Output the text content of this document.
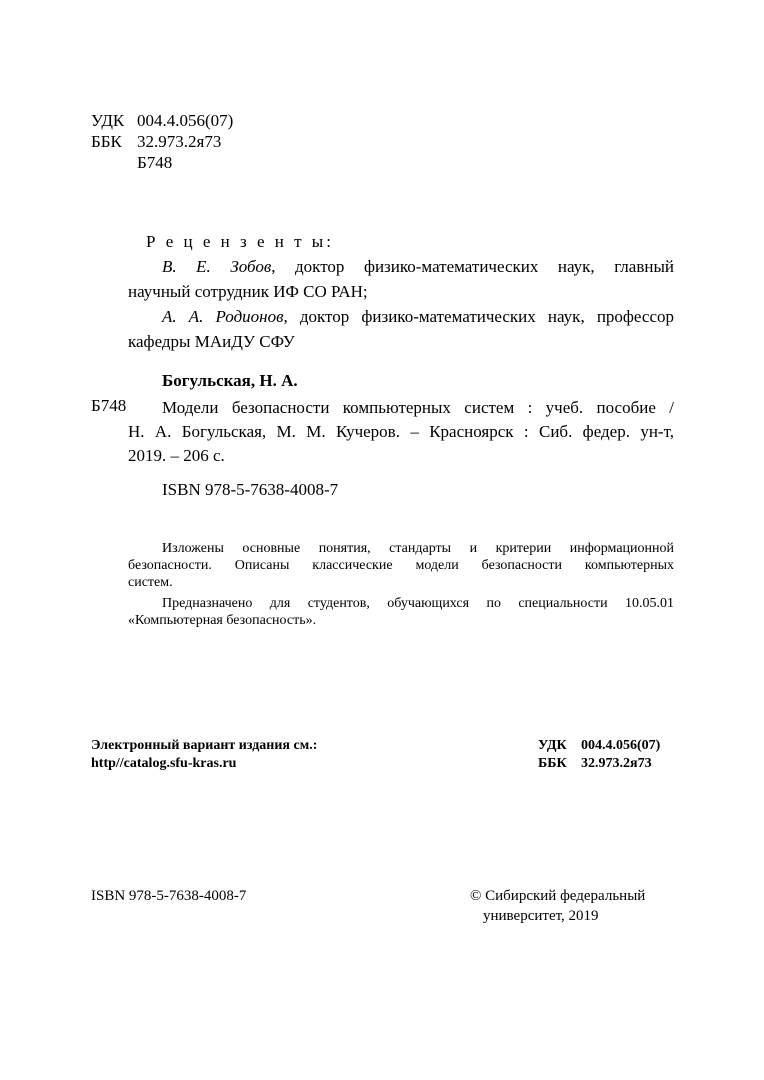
УДК 004.4.056(07)
ББК 32.973.2я73
Б748

Р е ц е н з е н т ы:

В. Е. Зобов, доктор физико-математических наук, главный

научный сотрудник ИФ СО РАН;

А. А. Родионов, доктор физико-математических наук, профессор

кафедры МАиДУ СФУ

Богульская, Н. А.
Б748	Модели безопасности компьютерных систем : учеб. пособие /

Н. А. Богульская, М. М. Кучеров. – Красноярск : Сиб. федер. ун-т,

2019. – 206 с.

ISBN 978-5-7638-4008-7

Изложены основные понятия, стандарты и критерии информационной

безопасности. Описаны классические модели безопасности компьютерных

систем.

Предназначено для студентов, обучающихся по специальности 10.05.01

«Компьютерная безопасность».

Электронный вариант издания см.:
http//catalog.sfu-kras.ru
УДК 004.4.056(07)
ББК 32.973.2я73
ISBN 978-5-7638-4008-7	© Сибирский федеральный
университет, 2019
